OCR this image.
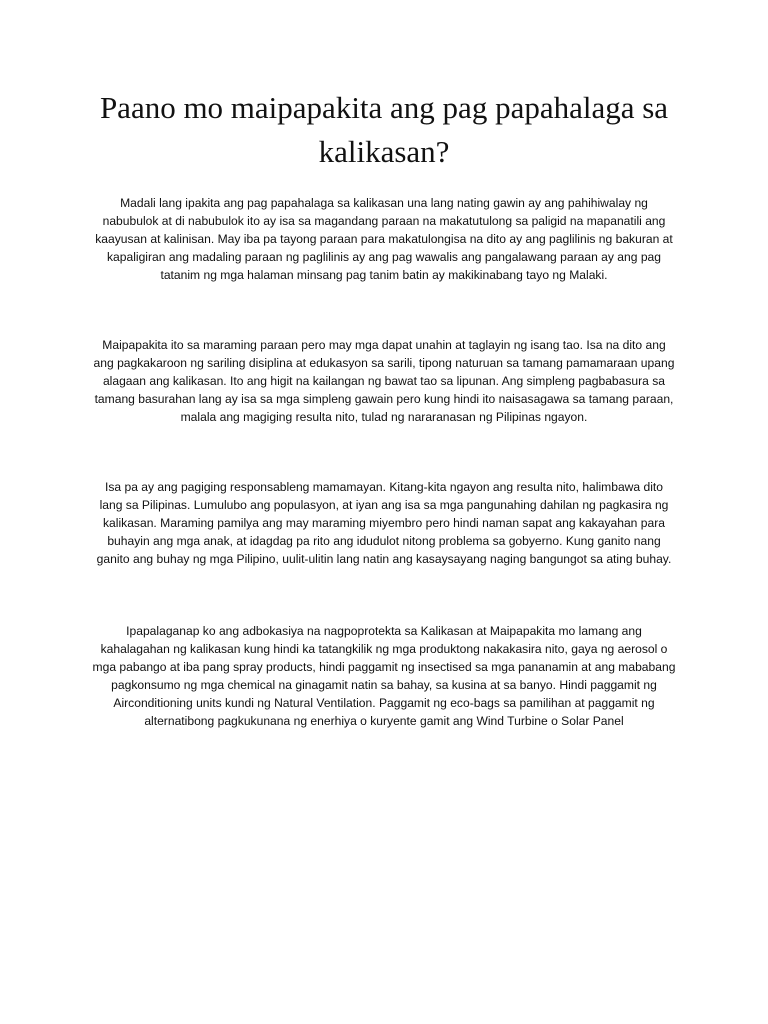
Paano mo maipapakita ang pag papahalaga sa kalikasan?

Madali lang ipakita ang pag papahalaga sa kalikasan una lang nating gawin ay ang pahihiwalay ng nabubulok at di nabubulok ito ay isa sa magandang paraan na makatutulong sa paligid na mapanatili ang kaayusan at kalinisan. May iba pa tayong paraan para makatulongisa na dito ay ang paglilinis ng bakuran at kapaligiran ang madaling paraan ng paglilinis ay ang pag wawalis ang pangalawang paraan ay ang pag tatanim ng mga halaman minsang pag tanim batin ay makikinabang tayo ng Malaki.

Maipapakita ito sa maraming paraan pero may mga dapat unahin at taglayin ng isang tao. Isa na dito ang ang pagkakaroon ng sariling disiplina at edukasyon sa sarili, tipong naturuan sa tamang pamamaraan upang alagaan ang kalikasan. Ito ang higit na kailangan ng bawat tao sa lipunan. Ang simpleng pagbabasura sa tamang basurahan lang ay isa sa mga simpleng gawain pero kung hindi ito naisasagawa sa tamang paraan, malala ang magiging resulta nito, tulad ng nararanasan ng Pilipinas ngayon.

Isa pa ay ang pagiging responsableng mamamayan. Kitang-kita ngayon ang resulta nito, halimbawa dito lang sa Pilipinas. Lumulubo ang populasyon, at iyan ang isa sa mga pangunahing dahilan ng pagkasira ng kalikasan. Maraming pamilya ang may maraming miyembro pero hindi naman sapat ang kakayahan para buhayin ang mga anak, at idagdag pa rito ang idudulot nitong problema sa gobyerno. Kung ganito nang ganito ang buhay ng mga Pilipino, uulit-ulitin lang natin ang kasaysayang naging bangungot sa ating buhay.

Ipapalaganap ko ang adbokasiya na nagpoprotekta sa Kalikasan at Maipapakita mo lamang ang kahalagahan ng kalikasan kung hindi ka tatangkilik ng mga produktong nakakasira nito, gaya ng aerosol o mga pabango at iba pang spray products, hindi paggamit ng insectised sa mga pananamin at ang mababang pagkonsumo ng mga chemical na ginagamit natin sa bahay, sa kusina at sa banyo. Hindi paggamit ng Airconditioning units kundi ng Natural Ventilation. Paggamit ng eco-bags sa pamilihan at paggamit ng alternatibong pagkukunana ng enerhiya o kuryente gamit ang Wind Turbine o Solar Panel
